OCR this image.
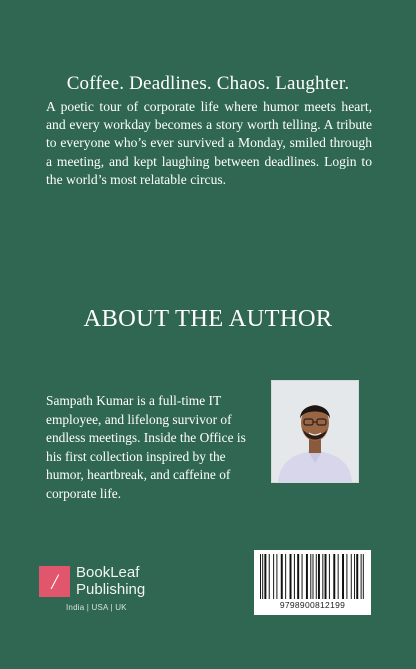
Coffee. Deadlines. Chaos. Laughter.
A poetic tour of corporate life where humor meets heart, and every workday becomes a story worth telling. A tribute to everyone who’s ever survived a Monday, smiled through a meeting, and kept laughing between deadlines. Login to the world’s most relatable circus.
ABOUT THE AUTHOR
Sampath Kumar is a full-time IT employee, and lifelong survivor of endless meetings. Inside the Office is his first collection inspired by the humor, heartbreak, and caffeine of corporate life.
/	BookLeaf
Publishing
India | USA | UK	9798900812199
